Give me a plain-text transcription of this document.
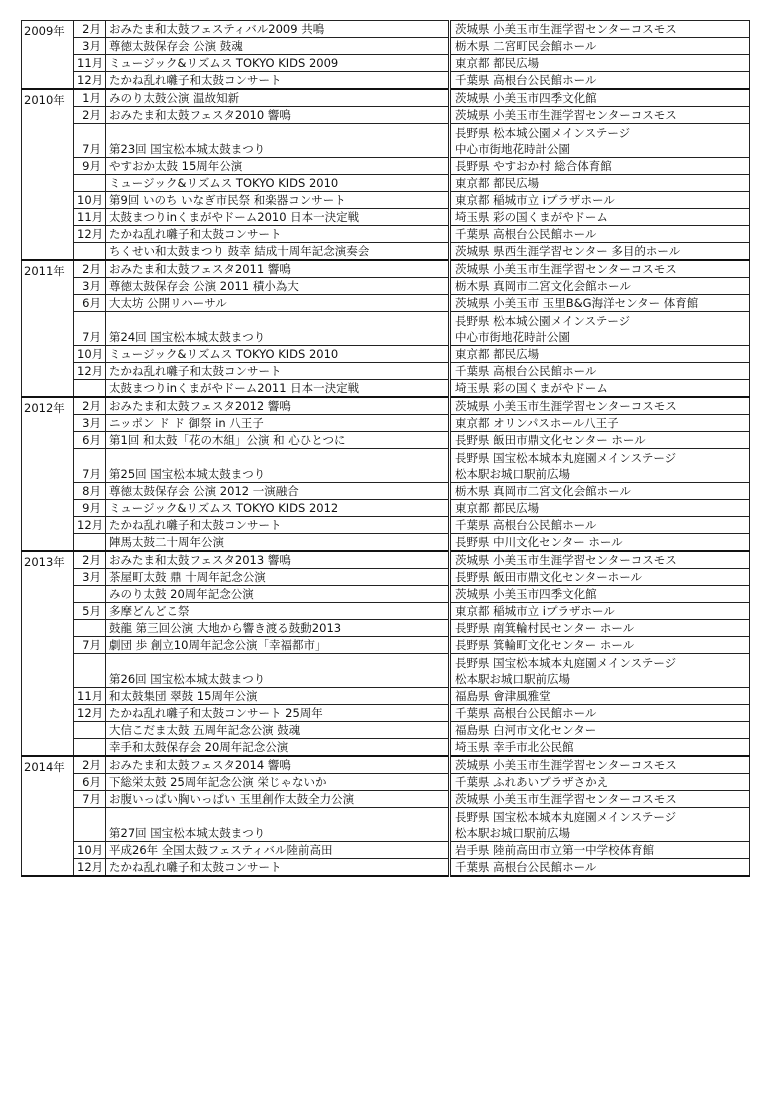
2009年	2月	おみたま和太鼓フェスティバル2009 共鳴	茨城県 小美玉市生涯学習センターコスモス

	3月	尊徳太鼓保存会 公演 鼓魂	栃木県 二宮町民会館ホール

	11月	ミュージック&リズムス TOKYO KIDS 2009	東京都 都民広場

	12月	たかね乱れ囃子和太鼓コンサート	千葉県 高根台公民館ホール

2010年	1月	みのり太鼓公演 温故知新	茨城県 小美玉市四季文化館

	2月	おみたま和太鼓フェスタ2010 響鳴	茨城県 小美玉市生涯学習センターコスモス

	7月	第23回 国宝松本城太鼓まつり	長野県 松本城公園メインステージ
中心市街地花時計公園

	9月	やすおか太鼓 15周年公演	長野県 やすおか村 総合体育館

		ミュージック&リズムス TOKYO KIDS 2010	東京都 都民広場

	10月	第9回 いのち いなぎ市民祭 和楽器コンサート	東京都 稲城市立 iプラザホール

	11月	太鼓まつりinくまがやドーム2010 日本一決定戦	埼玉県 彩の国くまがやドーム

	12月	たかね乱れ囃子和太鼓コンサート	千葉県 高根台公民館ホール

		ちくせい和太鼓まつり 鼓幸 結成十周年記念演奏会	茨城県 県西生涯学習センター 多目的ホール

2011年	2月	おみたま和太鼓フェスタ2011 響鳴	茨城県 小美玉市生涯学習センターコスモス

	3月	尊徳太鼓保存会 公演 2011 積小為大	栃木県 真岡市二宮文化会館ホール

	6月	大太坊 公開リハーサル	茨城県 小美玉市 玉里B&G海洋センター 体育館

	7月	第24回 国宝松本城太鼓まつり	長野県 松本城公園メインステージ
中心市街地花時計公園

	10月	ミュージック&リズムス TOKYO KIDS 2010	東京都 都民広場

	12月	たかね乱れ囃子和太鼓コンサート	千葉県 高根台公民館ホール

		太鼓まつりinくまがやドーム2011 日本一決定戦	埼玉県 彩の国くまがやドーム

2012年	2月	おみたま和太鼓フェスタ2012 響鳴	茨城県 小美玉市生涯学習センターコスモス

	3月	ニッポン ド ド 御祭 in 八王子	東京都 オリンパスホール八王子

	6月	第1回 和太鼓「花の木組」公演 和 心ひとつに	長野県 飯田市鼎文化センター ホール

	7月	第25回 国宝松本城太鼓まつり	長野県 国宝松本城本丸庭園メインステージ
松本駅お城口駅前広場

	8月	尊徳太鼓保存会 公演 2012 一演融合	栃木県 真岡市二宮文化会館ホール

	9月	ミュージック&リズムス TOKYO KIDS 2012	東京都 都民広場

	12月	たかね乱れ囃子和太鼓コンサート	千葉県 高根台公民館ホール

		陣馬太鼓二十周年公演	長野県 中川文化センター ホール

2013年	2月	おみたま和太鼓フェスタ2013 響鳴	茨城県 小美玉市生涯学習センターコスモス

	3月	茶屋町太鼓 鼎 十周年記念公演	長野県 飯田市鼎文化センターホール

		みのり太鼓 20周年記念公演	茨城県 小美玉市四季文化館

	5月	多摩どんどこ祭	東京都 稲城市立 iプラザホール

		鼓龍 第三回公演 大地から響き渡る鼓動2013	長野県 南箕輪村民センター ホール

	7月	劇団 歩 創立10周年記念公演「幸福都市」	長野県 箕輪町文化センター ホール

		第26回 国宝松本城太鼓まつり	長野県 国宝松本城本丸庭園メインステージ
松本駅お城口駅前広場

	11月	和太鼓集団 翠鼓 15周年公演	福島県 會津風雅堂

	12月	たかね乱れ囃子和太鼓コンサート 25周年	千葉県 高根台公民館ホール

		大信こだま太鼓 五周年記念公演 鼓魂	福島県 白河市文化センター

		幸手和太鼓保存会 20周年記念公演	埼玉県 幸手市北公民館

2014年	2月	おみたま和太鼓フェスタ2014 響鳴	茨城県 小美玉市生涯学習センターコスモス

	6月	下総栄太鼓 25周年記念公演 栄じゃないか	千葉県 ふれあいプラザさかえ

	7月	お腹いっぱい胸いっぱい 玉里創作太鼓全力公演	茨城県 小美玉市生涯学習センターコスモス

		第27回 国宝松本城太鼓まつり	長野県 国宝松本城本丸庭園メインステージ
松本駅お城口駅前広場

	10月	平成26年 全国太鼓フェスティバル陸前高田	岩手県 陸前高田市立第一中学校体育館

	12月	たかね乱れ囃子和太鼓コンサート	千葉県 高根台公民館ホール
